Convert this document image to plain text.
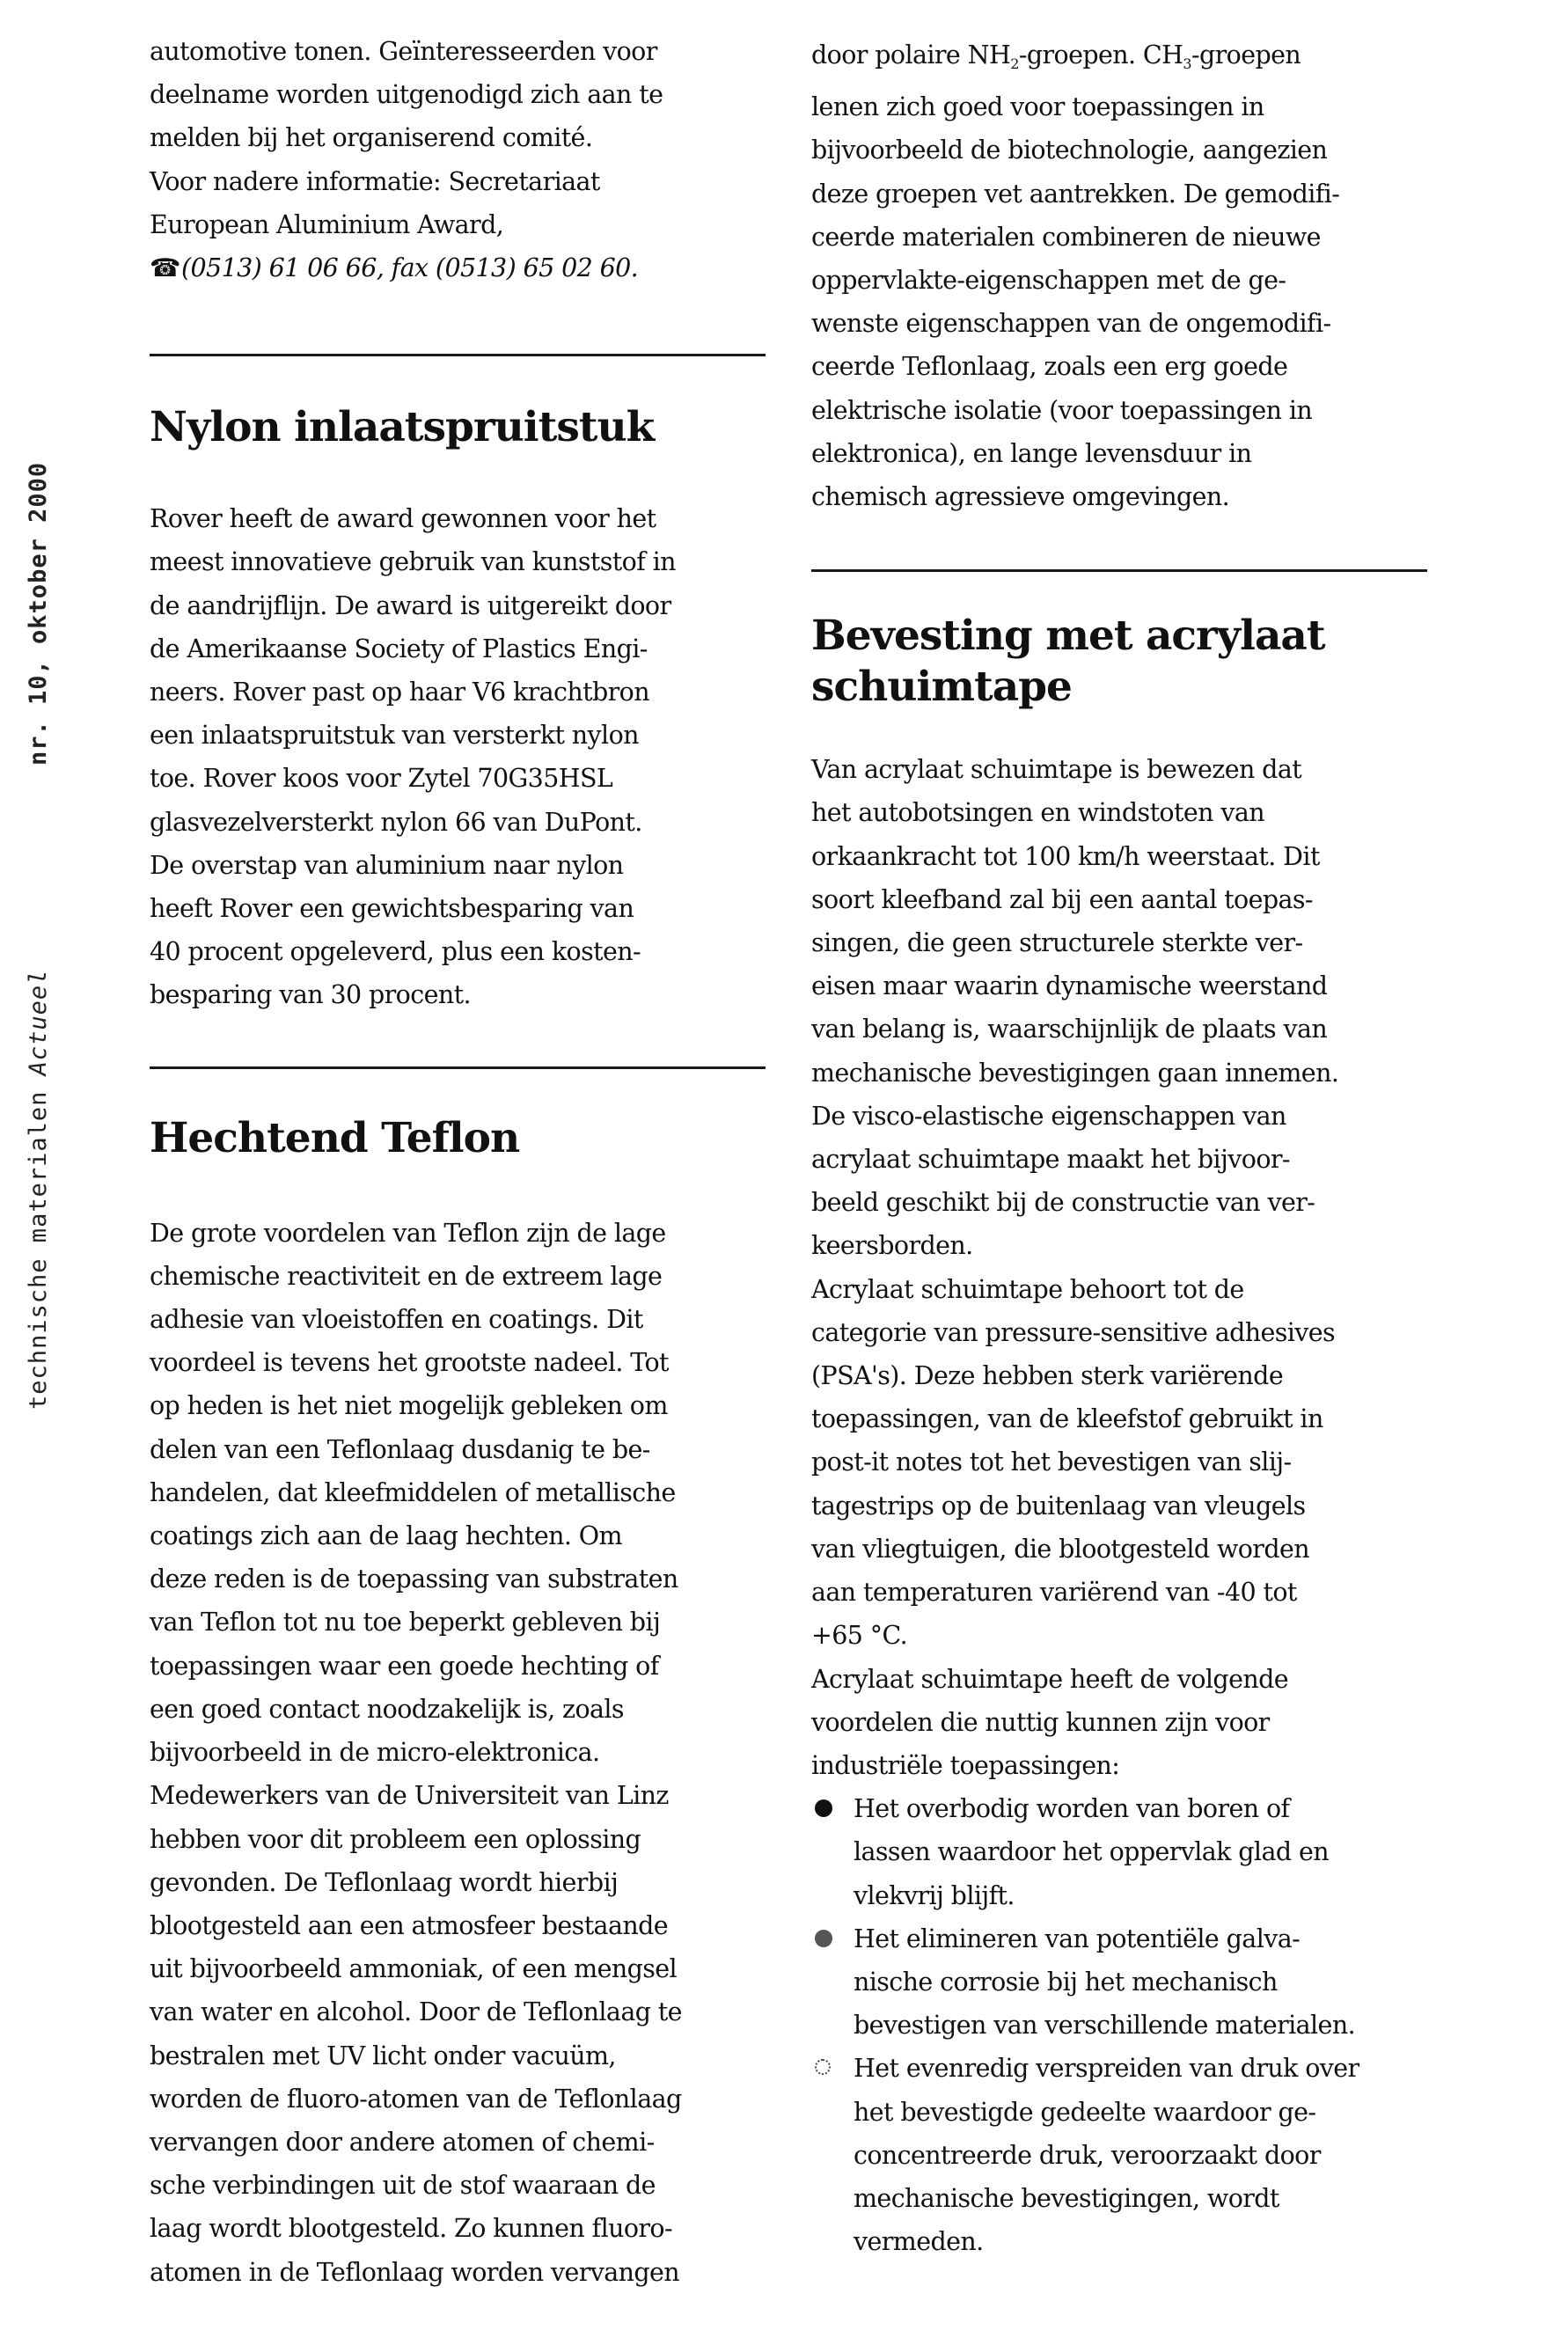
nr. 10, oktober 2000
technische materialen Actueel

automotive tonen. Geïnteresseerden voor

deelname worden uitgenodigd zich aan te

melden bij het organiserend comité.

Voor nadere informatie: Secretariaat

European Aluminium Award,

☎(0513) 61 06 66, fax (0513) 65 02 60.

Nylon inlaatspruitstuk

Rover heeft de award gewonnen voor het

meest innovatieve gebruik van kunststof in

de aandrijflijn. De award is uitgereikt door

de Amerikaanse Society of Plastics Engi-

neers. Rover past op haar V6 krachtbron

een inlaatspruitstuk van versterkt nylon

toe. Rover koos voor Zytel 70G35HSL

glasvezelversterkt nylon 66 van DuPont.

De overstap van aluminium naar nylon

heeft Rover een gewichtsbesparing van

40 procent opgeleverd, plus een kosten-

besparing van 30 procent.

Hechtend Teflon

De grote voordelen van Teflon zijn de lage

chemische reactiviteit en de extreem lage

adhesie van vloeistoffen en coatings. Dit

voordeel is tevens het grootste nadeel. Tot

op heden is het niet mogelijk gebleken om

delen van een Teflonlaag dusdanig te be-

handelen, dat kleefmiddelen of metallische

coatings zich aan de laag hechten. Om

deze reden is de toepassing van substraten

van Teflon tot nu toe beperkt gebleven bij

toepassingen waar een goede hechting of

een goed contact noodzakelijk is, zoals

bijvoorbeeld in de micro-elektronica.

Medewerkers van de Universiteit van Linz

hebben voor dit probleem een oplossing

gevonden. De Teflonlaag wordt hierbij

blootgesteld aan een atmosfeer bestaande

uit bijvoorbeeld ammoniak, of een mengsel

van water en alcohol. Door de Teflonlaag te

bestralen met UV licht onder vacuüm,

worden de fluoro-atomen van de Teflonlaag

vervangen door andere atomen of chemi-

sche verbindingen uit de stof waaraan de

laag wordt blootgesteld. Zo kunnen fluoro-

atomen in de Teflonlaag worden vervangen

door polaire $NH_2$-groepen. $CH_3$-groepen

lenen zich goed voor toepassingen in

bijvoorbeeld de biotechnologie, aangezien

deze groepen vet aantrekken. De gemodifi-

ceerde materialen combineren de nieuwe

oppervlakte-eigenschappen met de ge-

wenste eigenschappen van de ongemodifi-

ceerde Teflonlaag, zoals een erg goede

elektrische isolatie (voor toepassingen in

elektronica), en lange levensduur in

chemisch agressieve omgevingen.

Bevesting met acrylaat
schuimtape

Van acrylaat schuimtape is bewezen dat

het autobotsingen en windstoten van

orkaankracht tot 100 km/h weerstaat. Dit

soort kleefband zal bij een aantal toepas-

singen, die geen structurele sterkte ver-

eisen maar waarin dynamische weerstand

van belang is, waarschijnlijk de plaats van

mechanische bevestigingen gaan innemen.

De visco-elastische eigenschappen van

acrylaat schuimtape maakt het bijvoor-

beeld geschikt bij de constructie van ver-

keersborden.

Acrylaat schuimtape behoort tot de

categorie van pressure-sensitive adhesives

(PSA's). Deze hebben sterk variërende

toepassingen, van de kleefstof gebruikt in

post-it notes tot het bevestigen van slij-

tagestrips op de buitenlaag van vleugels

van vliegtuigen, die blootgesteld worden

aan temperaturen variërend van -40 tot

+65 °C.

Acrylaat schuimtape heeft de volgende

voordelen die nuttig kunnen zijn voor

industriële toepassingen:

Het overbodig worden van boren of

lassen waardoor het oppervlak glad en

vlekvrij blijft.

Het elimineren van potentiële galva-

nische corrosie bij het mechanisch

bevestigen van verschillende materialen.

Het evenredig verspreiden van druk over

het bevestigde gedeelte waardoor ge-

concentreerde druk, veroorzaakt door

mechanische bevestigingen, wordt

vermeden.
